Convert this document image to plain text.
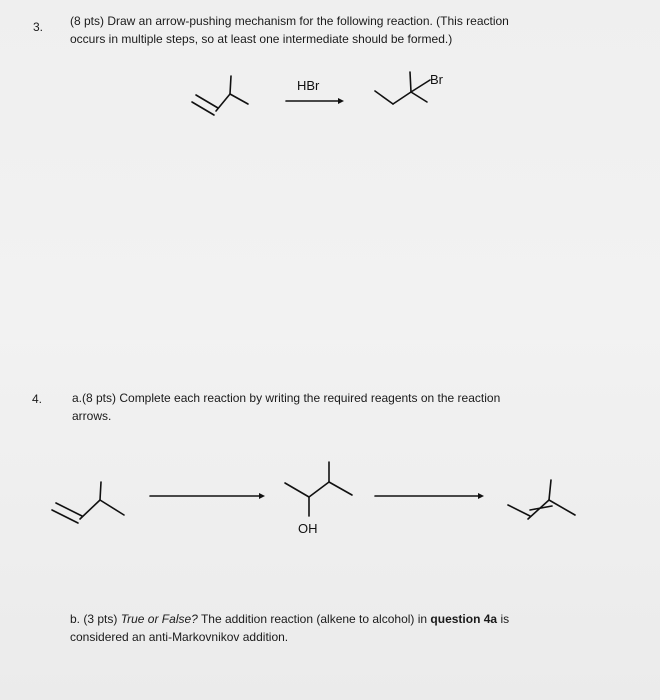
3. (8 pts) Draw an arrow-pushing mechanism for the following reaction. (This reaction
occurs in multiple steps, so at least one intermediate should be formed.)
HBr	Br
OH
4. a.(8 pts) Complete each reaction by writing the required reagents on the reaction
arrows.
b. (3 pts) True or False? The addition reaction (alkene to alcohol) in question 4a is
considered an anti-Markovnikov addition.
